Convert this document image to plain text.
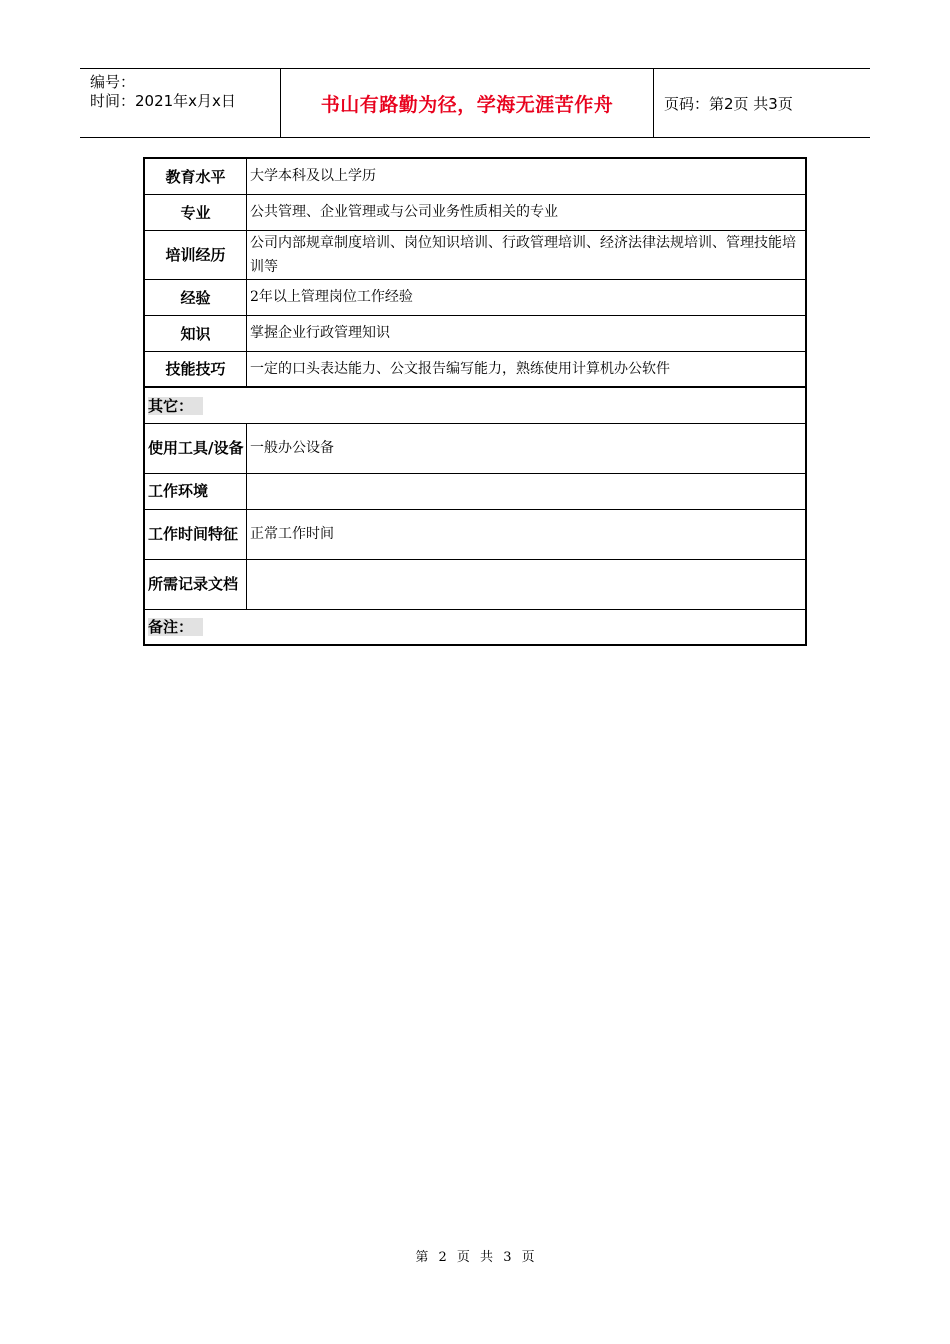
编号：
时间：2021年x月x日	书山有路勤为径，学海无涯苦作舟	页码：第2页 共3页
教育水平	大学本科及以上学历
专业	公共管理、企业管理或与公司业务性质相关的专业
培训经历	公司内部规章制度培训、岗位知识培训、行政管理培训、经济法律法规培训、管理技能培训等
经验	2年以上管理岗位工作经验
知识	掌握企业行政管理知识
技能技巧	一定的口头表达能力、公文报告编写能力，熟练使用计算机办公软件
其它：	
使用工具/设备	一般办公设备
工作环境	
工作时间特征	正常工作时间
所需记录文档	
备注：	
第 2 页 共 3 页
